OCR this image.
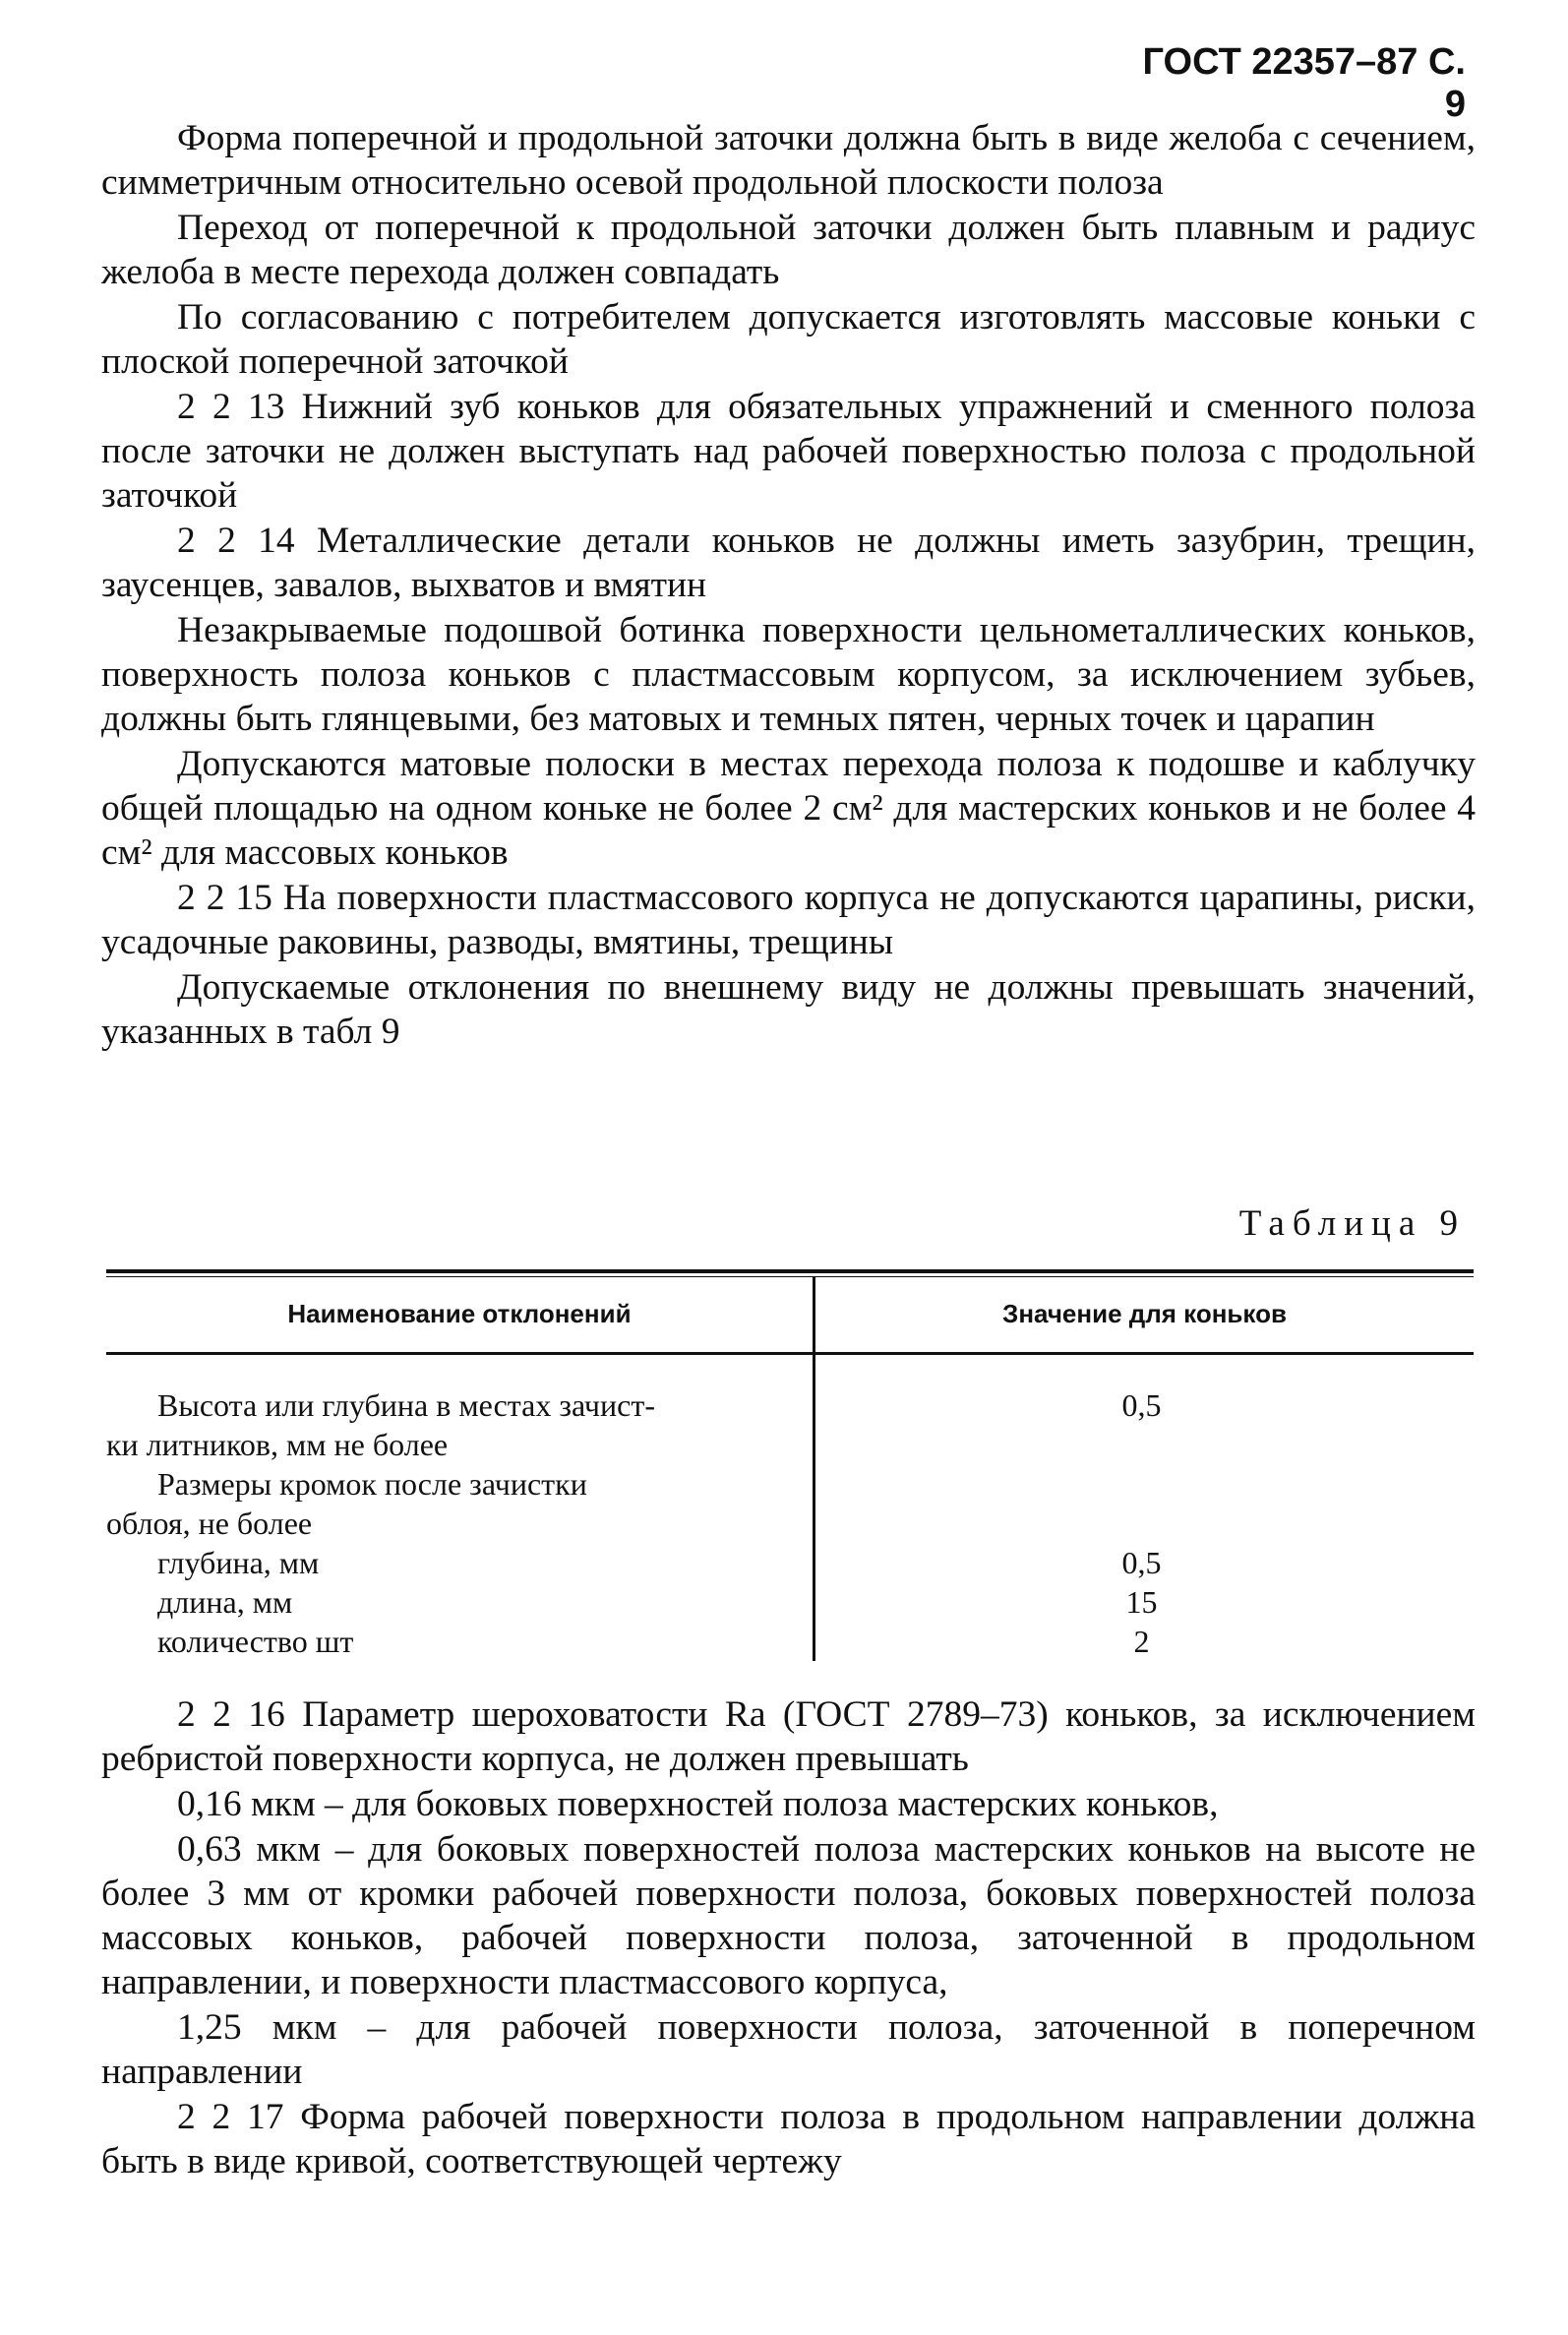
ГОСТ 22357–87 С. 9

Форма поперечной и продольной заточки должна быть в виде желоба с сечением, симметричным относительно осевой продольной плоскости полоза

Переход от поперечной к продольной заточки должен быть плавным и радиус желоба в месте перехода должен совпадать

По согласованию с потребителем допускается изготовлять массовые коньки с плоской поперечной заточкой

2 2 13 Нижний зуб коньков для обязательных упражнений и сменного полоза после заточки не должен выступать над рабочей поверхностью полоза с продольной заточкой

2 2 14 Металлические детали коньков не должны иметь зазубрин, трещин, заусенцев, завалов, выхватов и вмятин

Незакрываемые подошвой ботинка поверхности цельнометаллических коньков, поверхность полоза коньков с пластмассовым корпусом, за исключением зубьев, должны быть глянцевыми, без матовых и темных пятен, черных точек и царапин

Допускаются матовые полоски в местах перехода полоза к подошве и каблучку общей площадью на одном коньке не более 2 см² для мастерских коньков и не более 4 см² для массовых коньков

2 2 15 На поверхности пластмассового корпуса не допускаются царапины, риски, усадочные раковины, разводы, вмятины, трещины

Допускаемые отклонения по внешнему виду не должны превышать значений, указанных в табл 9

Таблица 9
Наименование отклонений	Значение для коньков
Высота или глубина в местах зачист-	0,5
ки литников, мм не более
Размеры кромок после зачистки
облоя, не более
глубина, мм	0,5
длина, мм	15
количество шт	2

2 2 16 Параметр шероховатости Rа (ГОСТ 2789–73) коньков, за исключением ребристой поверхности корпуса, не должен превышать

0,16 мкм – для боковых поверхностей полоза мастерских коньков,

0,63 мкм – для боковых поверхностей полоза мастерских коньков на высоте не более 3 мм от кромки рабочей поверхности полоза, боковых поверхностей полоза массовых коньков, рабочей поверхности полоза, заточенной в продольном направлении, и поверхности пластмассового корпуса,

1,25 мкм – для рабочей поверхности полоза, заточенной в поперечном направлении

2 2 17 Форма рабочей поверхности полоза в продольном направлении должна быть в виде кривой, соответствующей чертежу
